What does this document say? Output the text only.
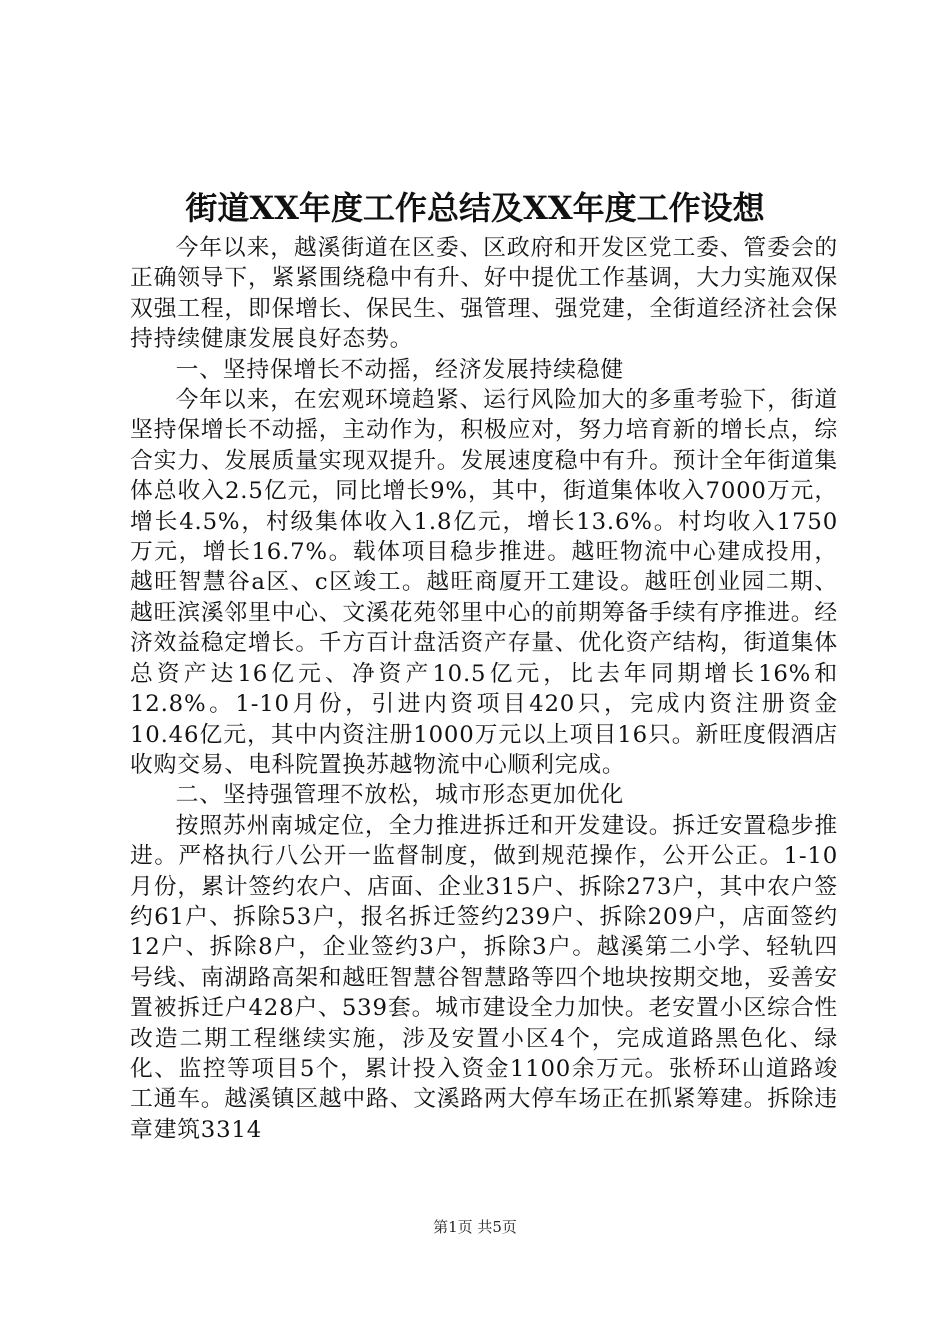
街道XX年度工作总结及XX年度工作设想

今年以来，越溪街道在区委、区政府和开发区党工委、管委会的正确领导下，紧紧围绕稳中有升、好中提优工作基调，大力实施双保双强工程，即保增长、保民生、强管理、强党建，全街道经济社会保持持续健康发展良好态势。

一、坚持保增长不动摇，经济发展持续稳健

今年以来，在宏观环境趋紧、运行风险加大的多重考验下，街道坚持保增长不动摇，主动作为，积极应对，努力培育新的增长点，综合实力、发展质量实现双提升。发展速度稳中有升。预计全年街道集体总收入2.5亿元，同比增长9%，其中，街道集体收入7000万元，增长4.5%，村级集体收入1.8亿元，增长13.6%。村均收入1750万元，增长16.7%。载体项目稳步推进。越旺物流中心建成投用，越旺智慧谷a区、c区竣工。越旺商厦开工建设。越旺创业园二期、越旺滨溪邻里中心、文溪花苑邻里中心的前期筹备手续有序推进。经济效益稳定增长。千方百计盘活资产存量、优化资产结构，街道集体总资产达16亿元、净资产10.5亿元，比去年同期增长16%和12.8%。1-10月份，引进内资项目420只，完成内资注册资金10.46亿元，其中内资注册1000万元以上项目16只。新旺度假酒店收购交易、电科院置换苏越物流中心顺利完成。

二、坚持强管理不放松，城市形态更加优化

按照苏州南城定位，全力推进拆迁和开发建设。拆迁安置稳步推进。严格执行八公开一监督制度，做到规范操作，公开公正。1-10月份，累计签约农户、店面、企业315户、拆除273户，其中农户签约61户、拆除53户，报名拆迁签约239户、拆除209户，店面签约12户、拆除8户，企业签约3户，拆除3户。越溪第二小学、轻轨四号线、南湖路高架和越旺智慧谷智慧路等四个地块按期交地，妥善安置被拆迁户428户、539套。城市建设全力加快。老安置小区综合性改造二期工程继续实施，涉及安置小区4个，完成道路黑色化、绿化、监控等项目5个，累计投入资金1100余万元。张桥环山道路竣工通车。越溪镇区越中路、文溪路两大停车场正在抓紧筹建。拆除违章建筑3314

第1页 共5页
